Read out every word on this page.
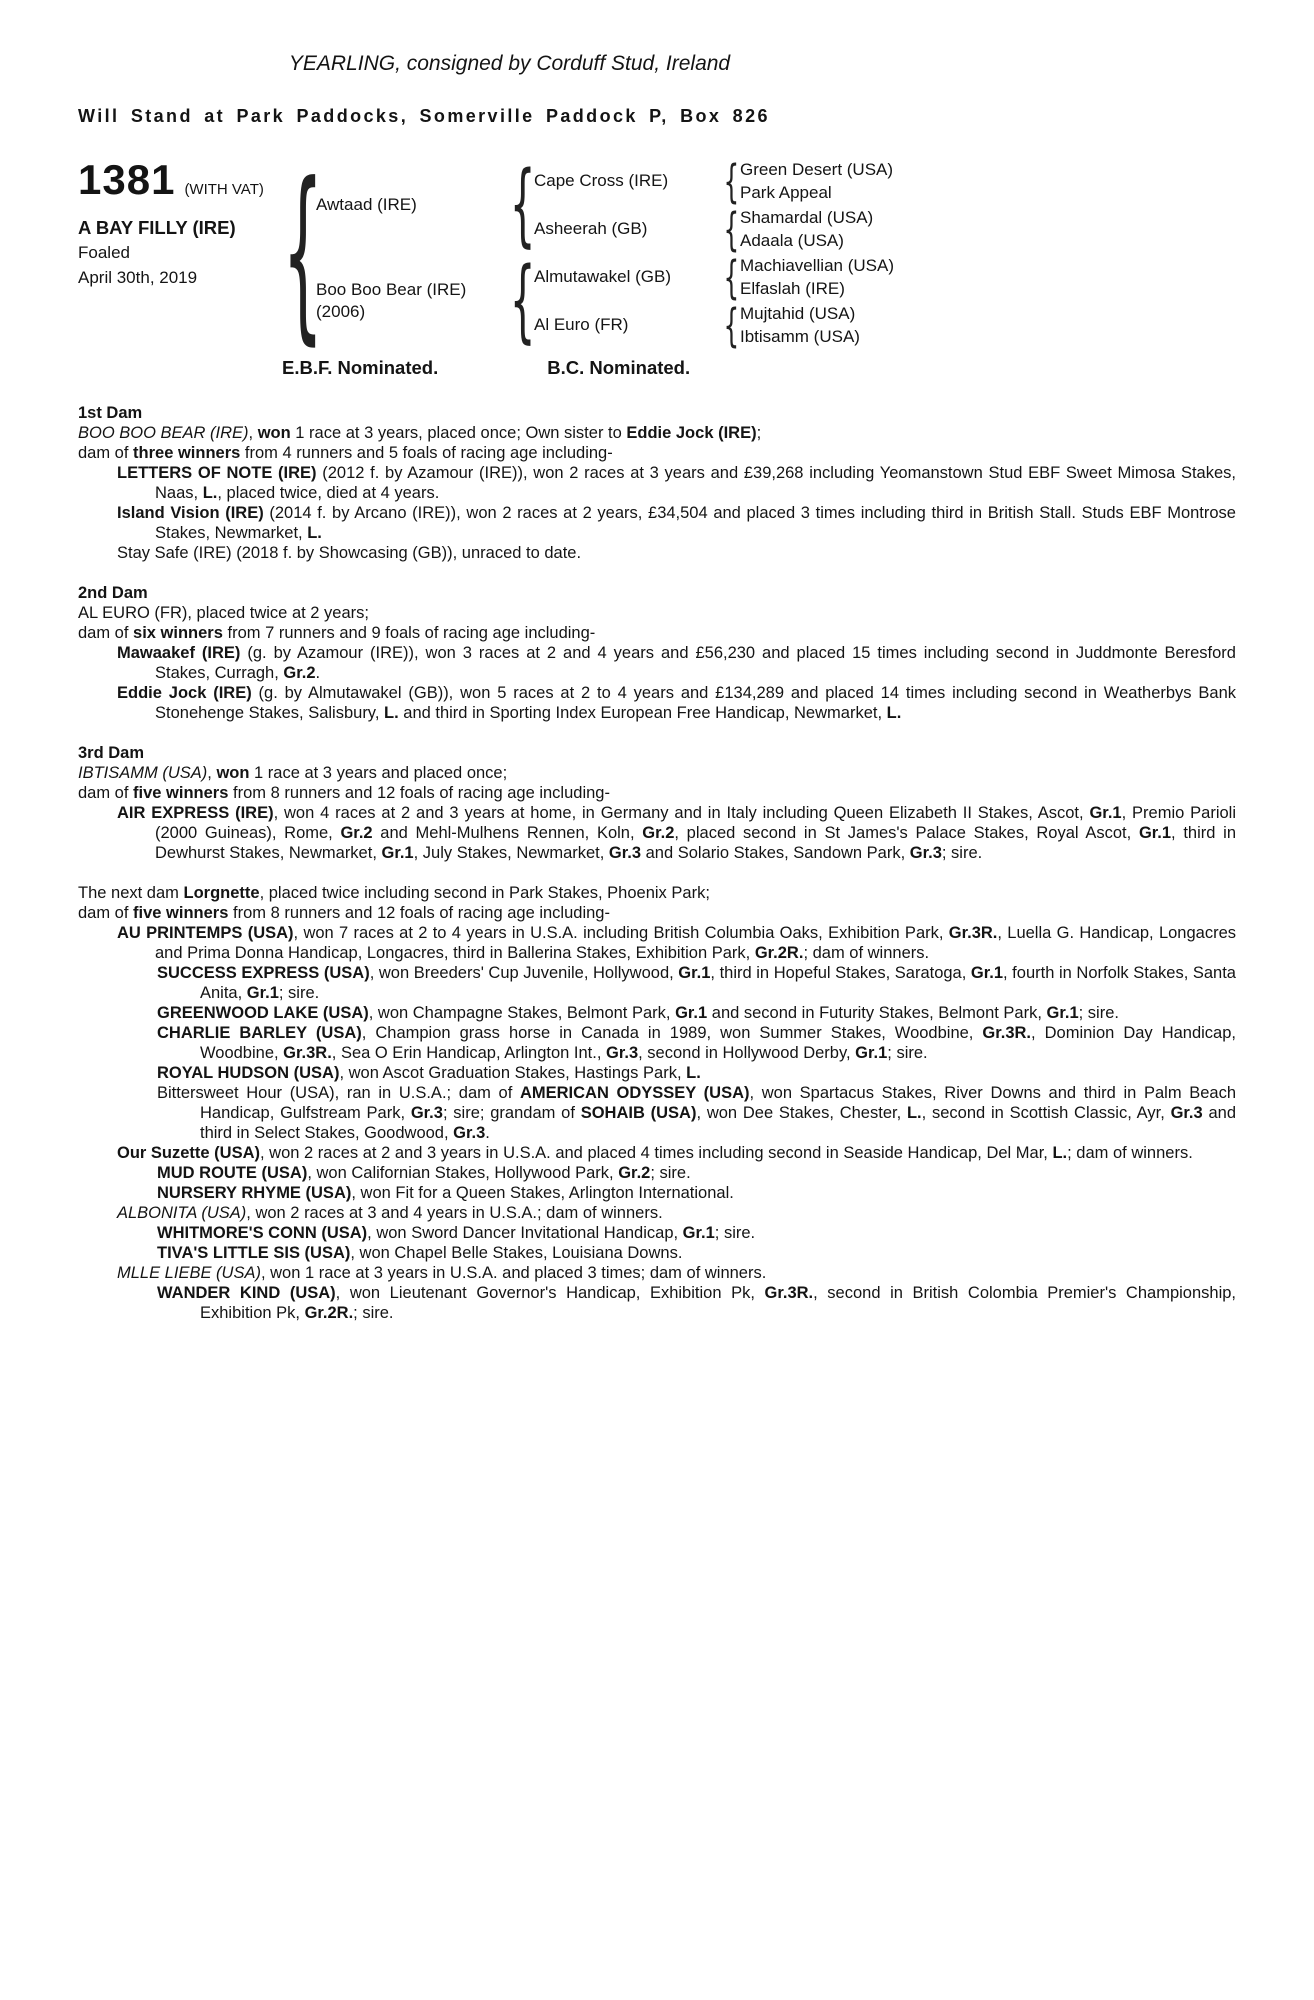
YEARLING, consigned by Corduff Stud, Ireland
Will Stand at Park Paddocks, Somerville Paddock P, Box 826
1381 (WITH VAT)
A BAY FILLY (IRE)
Foaled
April 30th, 2019 {
Awtaad (IRE)	{
Cape Cross (IRE)	{ Green Desert (USA)
Park Appeal
Asheerah (GB)	{ Shamardal (USA)
Adaala (USA)
Boo Boo Bear (IRE)
(2006)	{
Almutawakel (GB)	{ Machiavellian (USA)
Elfaslah (IRE)
Al Euro (FR)	{ Mujtahid (USA)
Ibtisamm (USA)
E.B.F. Nominated.	B.C. Nominated.

1st Dam

BOO BOO BEAR (IRE), won 1 race at 3 years, placed once; Own sister to Eddie Jock (IRE);

dam of three winners from 4 runners and 5 foals of racing age including-

LETTERS OF NOTE (IRE) (2012 f. by Azamour (IRE)), won 2 races at 3 years and £39,268 including Yeomanstown Stud EBF Sweet Mimosa Stakes, Naas, L., placed twice, died at 4 years.

Island Vision (IRE) (2014 f. by Arcano (IRE)), won 2 races at 2 years, £34,504 and placed 3 times including third in British Stall. Studs EBF Montrose Stakes, Newmarket, L.

Stay Safe (IRE) (2018 f. by Showcasing (GB)), unraced to date.

2nd Dam

AL EURO (FR), placed twice at 2 years;

dam of six winners from 7 runners and 9 foals of racing age including-

Mawaakef (IRE) (g. by Azamour (IRE)), won 3 races at 2 and 4 years and £56,230 and placed 15 times including second in Juddmonte Beresford Stakes, Curragh, Gr.2.

Eddie Jock (IRE) (g. by Almutawakel (GB)), won 5 races at 2 to 4 years and £134,289 and placed 14 times including second in Weatherbys Bank Stonehenge Stakes, Salisbury, L. and third in Sporting Index European Free Handicap, Newmarket, L.

3rd Dam

IBTISAMM (USA), won 1 race at 3 years and placed once;

dam of five winners from 8 runners and 12 foals of racing age including-

AIR EXPRESS (IRE), won 4 races at 2 and 3 years at home, in Germany and in Italy including Queen Elizabeth II Stakes, Ascot, Gr.1, Premio Parioli (2000 Guineas), Rome, Gr.2 and Mehl-Mulhens Rennen, Koln, Gr.2, placed second in St James's Palace Stakes, Royal Ascot, Gr.1, third in Dewhurst Stakes, Newmarket, Gr.1, July Stakes, Newmarket, Gr.3 and Solario Stakes, Sandown Park, Gr.3; sire.

The next dam Lorgnette, placed twice including second in Park Stakes, Phoenix Park;

dam of five winners from 8 runners and 12 foals of racing age including-

AU PRINTEMPS (USA), won 7 races at 2 to 4 years in U.S.A. including British Columbia Oaks, Exhibition Park, Gr.3R., Luella G. Handicap, Longacres and Prima Donna Handicap, Longacres, third in Ballerina Stakes, Exhibition Park, Gr.2R.; dam of winners.

SUCCESS EXPRESS (USA), won Breeders' Cup Juvenile, Hollywood, Gr.1, third in Hopeful Stakes, Saratoga, Gr.1, fourth in Norfolk Stakes, Santa Anita, Gr.1; sire.

GREENWOOD LAKE (USA), won Champagne Stakes, Belmont Park, Gr.1 and second in Futurity Stakes, Belmont Park, Gr.1; sire.

CHARLIE BARLEY (USA), Champion grass horse in Canada in 1989, won Summer Stakes, Woodbine, Gr.3R., Dominion Day Handicap, Woodbine, Gr.3R., Sea O Erin Handicap, Arlington Int., Gr.3, second in Hollywood Derby, Gr.1; sire.

ROYAL HUDSON (USA), won Ascot Graduation Stakes, Hastings Park, L.

Bittersweet Hour (USA), ran in U.S.A.; dam of AMERICAN ODYSSEY (USA), won Spartacus Stakes, River Downs and third in Palm Beach Handicap, Gulfstream Park, Gr.3; sire; grandam of SOHAIB (USA), won Dee Stakes, Chester, L., second in Scottish Classic, Ayr, Gr.3 and third in Select Stakes, Goodwood, Gr.3.

Our Suzette (USA), won 2 races at 2 and 3 years in U.S.A. and placed 4 times including second in Seaside Handicap, Del Mar, L.; dam of winners.

MUD ROUTE (USA), won Californian Stakes, Hollywood Park, Gr.2; sire.

NURSERY RHYME (USA), won Fit for a Queen Stakes, Arlington International.

ALBONITA (USA), won 2 races at 3 and 4 years in U.S.A.; dam of winners.

WHITMORE'S CONN (USA), won Sword Dancer Invitational Handicap, Gr.1; sire.

TIVA'S LITTLE SIS (USA), won Chapel Belle Stakes, Louisiana Downs.

MLLE LIEBE (USA), won 1 race at 3 years in U.S.A. and placed 3 times; dam of winners.

WANDER KIND (USA), won Lieutenant Governor's Handicap, Exhibition Pk, Gr.3R., second in British Colombia Premier's Championship, Exhibition Pk, Gr.2R.; sire.
